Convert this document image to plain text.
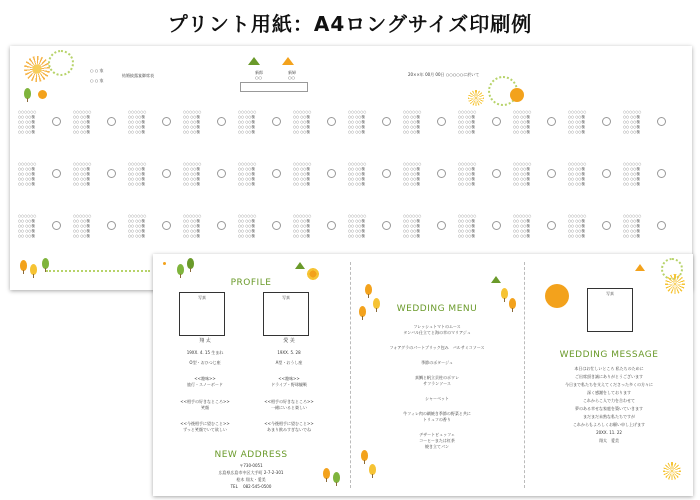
プリント用紙：A4ロングサイズ印刷例
○ ○ 家
○ ○ 家
結婚披露宴御席表
新郎	新婦
○○	○○
20××年 00月 00日 ○○○○○に於いて
○○○○○○
○○ ○○様
○○ ○○様
○○ ○○様
○○ ○○様
○○○○○○
○○ ○○様
○○ ○○様
○○ ○○様
○○ ○○様
○○○○○○
○○ ○○様
○○ ○○様
○○ ○○様
○○ ○○様
○○○○○○
○○ ○○様
○○ ○○様
○○ ○○様
○○ ○○様
○○○○○○
○○ ○○様
○○ ○○様
○○ ○○様
○○ ○○様
○○○○○○
○○ ○○様
○○ ○○様
○○ ○○様
○○ ○○様
○○○○○○
○○ ○○様
○○ ○○様
○○ ○○様
○○ ○○様
○○○○○○
○○ ○○様
○○ ○○様
○○ ○○様
○○ ○○様
○○○○○○
○○ ○○様
○○ ○○様
○○ ○○様
○○ ○○様
○○○○○○
○○ ○○様
○○ ○○様
○○ ○○様
○○ ○○様
○○○○○○
○○ ○○様
○○ ○○様
○○ ○○様
○○ ○○様
○○○○○○
○○ ○○様
○○ ○○様
○○ ○○様
○○ ○○様
○○○○○○
○○ ○○様
○○ ○○様
○○ ○○様
○○ ○○様
○○○○○○
○○ ○○様
○○ ○○様
○○ ○○様
○○ ○○様
○○○○○○
○○ ○○様
○○ ○○様
○○ ○○様
○○ ○○様
○○○○○○
○○ ○○様
○○ ○○様
○○ ○○様
○○ ○○様
○○○○○○
○○ ○○様
○○ ○○様
○○ ○○様
○○ ○○様
○○○○○○
○○ ○○様
○○ ○○様
○○ ○○様
○○ ○○様
○○○○○○
○○ ○○様
○○ ○○様
○○ ○○様
○○ ○○様
○○○○○○
○○ ○○様
○○ ○○様
○○ ○○様
○○ ○○様
○○○○○○
○○ ○○様
○○ ○○様
○○ ○○様
○○ ○○様
○○○○○○
○○ ○○様
○○ ○○様
○○ ○○様
○○ ○○様
○○○○○○
○○ ○○様
○○ ○○様
○○ ○○様
○○ ○○様
○○○○○○
○○ ○○様
○○ ○○様
○○ ○○様
○○ ○○様
○○○○○○
○○ ○○様
○○ ○○様
○○ ○○様
○○ ○○様
○○○○○○
○○ ○○様
○○ ○○様
○○ ○○様
○○ ○○様
○○○○○○
○○ ○○様
○○ ○○様
○○ ○○様
○○ ○○様
○○○○○○
○○ ○○様
○○ ○○様
○○ ○○様
○○ ○○様
○○○○○○
○○ ○○様
○○ ○○様
○○ ○○様
○○ ○○様
○○○○○○
○○ ○○様
○○ ○○様
○○ ○○様
○○ ○○様
○○○○○○
○○ ○○様
○○ ○○様
○○ ○○様
○○ ○○様
○○○○○○
○○ ○○様
○○ ○○様
○○ ○○様
○○ ○○様
○○○○○○
○○ ○○様
○○ ○○様
○○ ○○様
○○ ○○様
○○○○○○
○○ ○○様
○○ ○○様
○○ ○○様
○○ ○○様
○○○○○○
○○ ○○様
○○ ○○様
○○ ○○様
○○ ○○様
○○○○○○
○○ ○○様
○○ ○○様
○○ ○○様
○○ ○○様
PROFILE
写真	写真
翔 太
19XX. 4. 15 生まれ
O型・おひつじ座
<<趣味>>
旅行・スノーボード
<<相手の好きなところ>>
笑顔
<<今後相手に望むこと>>
ずっと笑顔でいて欲しい
愛 美
19XX. 5. 28
A型・おうし座
<<趣味>>
ドライブ・野球観戦
<<相手の好きなところ>>
一緒にいると楽しい
<<今後相手に望むこと>>
あまり飲みすぎないでね
NEW ADDRESS
〒730-0051
広島県広島市中区大手町 2-7-2-301
桧木 翔太・愛美
TEL　 082-545-0500
WEDDING MENU
フレッシュトマトのムース
タンバル仕立てと海の幸のマリアジュ
フォアグラのパートブリック包み　バルサミコソース
季節のポタージュ
真鯛と帆立貝柱のポワレ
サフランソース
シャーベット
牛フィレ肉の網焼き季節の野菜と共に
トリュフの香り
デザートビュッフェ
コーヒーまたは紅茶
焼き立てパン
写真
WEDDING MESSAGE
本日はお忙しいところ 私たちのために
ご出席頂き誠にありがとうございます
今日まで私たちを支えてくださった多くの方々に
深く感謝をしております
これからこ人で力を合わせて
夢のある幸せな家庭を築いていきます
まだまだ未熟な私たちですが
これからもよろしくお願い申し上げます
20XX. 11. 22
翔太　愛美
